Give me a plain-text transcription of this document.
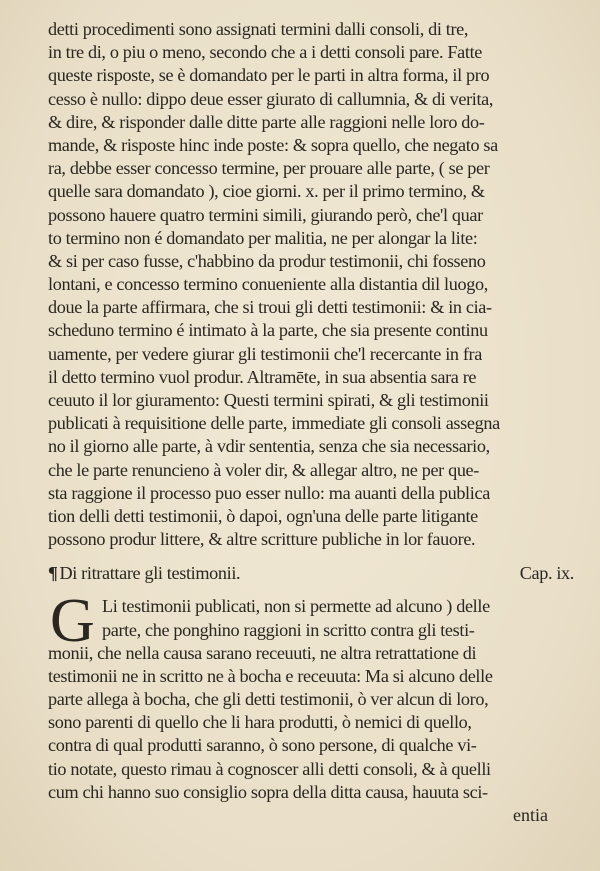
detti procedimenti sono assignati termini dalli consoli, di tre,
in tre di, o piu o meno, secondo che a i detti consoli pare. Fatte
queste risposte, se è domandato per le parti in altra forma, il pro
cesso è nullo: dippo deue esser giurato di callumnia, & di verita,
& dire, & risponder dalle ditte parte alle raggioni nelle loro do-
mande, & risposte hinc inde poste: & sopra quello, che negato sa
ra, debbe esser concesso termine, per prouare alle parte, ( se per
quelle sara domandato ), cioe giorni. x. per il primo termino, &
possono hauere quatro termini simili, giurando però, che'l quar
to termino non é domandato per malitia, ne per alongar la lite:
& si per caso fusse, c'habbino da produr testimonii, chi fosseno
lontani, e concesso termino conueniente alla distantia dil luogo,
doue la parte affirmara, che si troui gli detti testimonii: & in cia-
scheduno termino é intimato à la parte, che sia presente continu
uamente, per vedere giurar gli testimonii che'l recercante in fra
il detto termino vuol produr. Altramēte, in sua absentia sara re
ceuuto il lor giuramento: Questi termini spirati, & gli testimonii
publicati à requisitione delle parte, immediate gli consoli assegna
no il giorno alle parte, à vdir sententia, senza che sia necessario,
che le parte renuncieno à voler dir, & allegar altro, ne per que-
sta raggione il processo puo esser nullo: ma auanti della publica
tion delli detti testimonii, ò dapoi, ogn'una delle parte litigante
possono produr littere, & altre scritture publiche in lor fauore.
¶ Di ritrattare gli testimonii.	Cap. ix.
G Li testimonii publicati, non si permette ad alcuno ) delle
parte, che ponghino raggioni in scritto contra gli testi-
monii, che nella causa sarano receuuti, ne altra retrattatione di
testimonii ne in scritto ne à bocha e receuuta: Ma si alcuno delle
parte allega à bocha, che gli detti testimonii, ò ver alcun di loro,
sono parenti di quello che li hara produtti, ò nemici di quello,
contra di qual produtti saranno, ò sono persone, di qualche vi-
tio notate, questo rimau à cognoscer alli detti consoli, & à quelli
cum chi hanno suo consiglio sopra della ditta causa, hauuta sci-
entia
